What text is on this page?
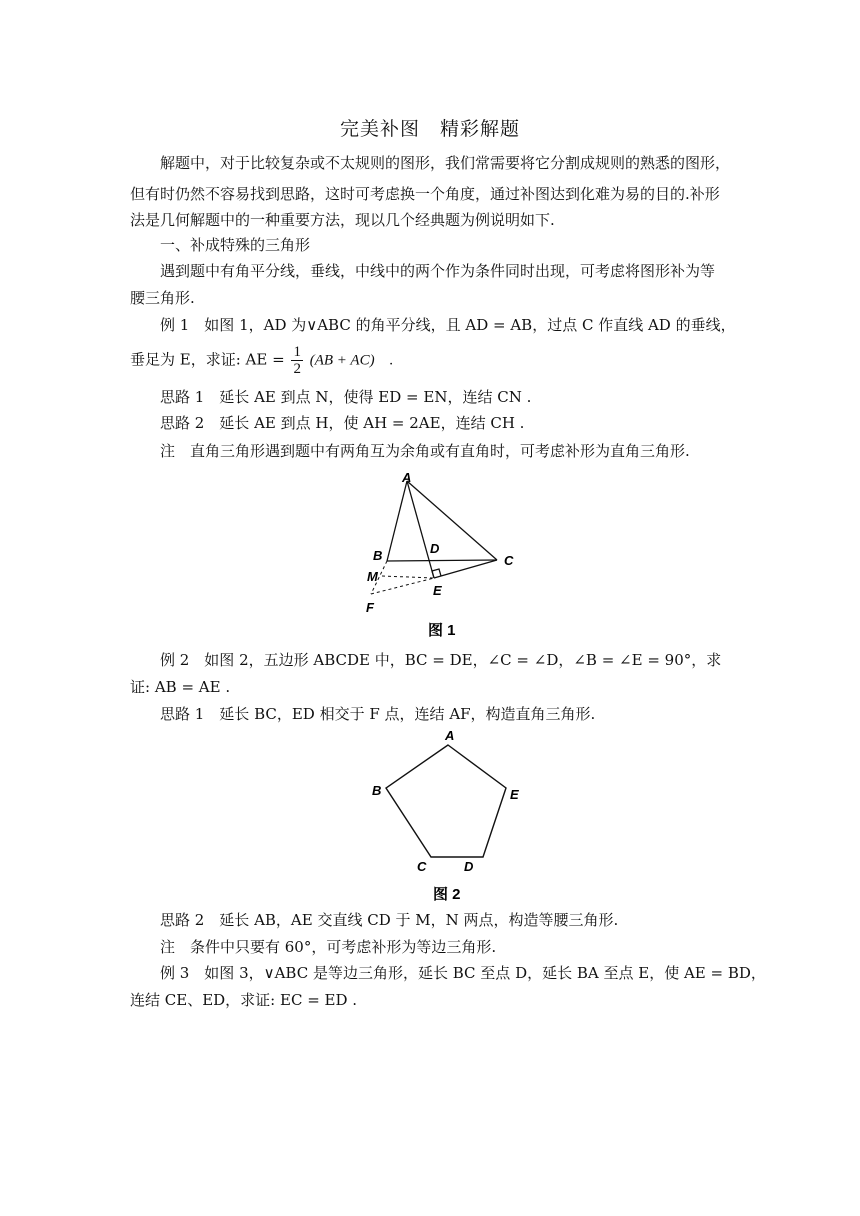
完美补图　精彩解题
解题中，对于比较复杂或不太规则的图形，我们常需要将它分割成规则的熟悉的图形，
但有时仍然不容易找到思路，这时可考虑换一个角度，通过补图达到化难为易的目的.补形
法是几何解题中的一种重要方法，现以几个经典题为例说明如下.
一、补成特殊的三角形
遇到题中有角平分线，垂线，中线中的两个作为条件同时出现，可考虑将图形补为等
腰三角形.
例 1　如图 1，AD 为∨ABC 的角平分线，且 AD = AB，过点 C 作直线 AD 的垂线，
垂足为 E，求证: AE = $\frac{1}{2} (AB + AC)$　.
思路 1　延长 AE 到点 N，使得 ED = EN，连结 CN .
思路 2　延长 AE 到点 H，使 AH = 2AE，连结 CH .
注　直角三角形遇到题中有两角互为余角或有直角时，可考虑补形为直角三角形.
A
B	D
C
M
E
F
图 1
例 2　如图 2，五边形 ABCDE 中，BC = DE，∠C = ∠D，∠B = ∠E = 90°，求
证: AB = AE .
思路 1　延长 BC，ED 相交于 F 点，连结 AF，构造直角三角形.
A
B	E
C	D
图 2
思路 2　延长 AB，AE 交直线 CD 于 M，N 两点，构造等腰三角形.
注　条件中只要有 60°，可考虑补形为等边三角形.
例 3　如图 3，∨ABC 是等边三角形，延长 BC 至点 D，延长 BA 至点 E，使 AE = BD，
连结 CE、ED，求证: EC = ED .
